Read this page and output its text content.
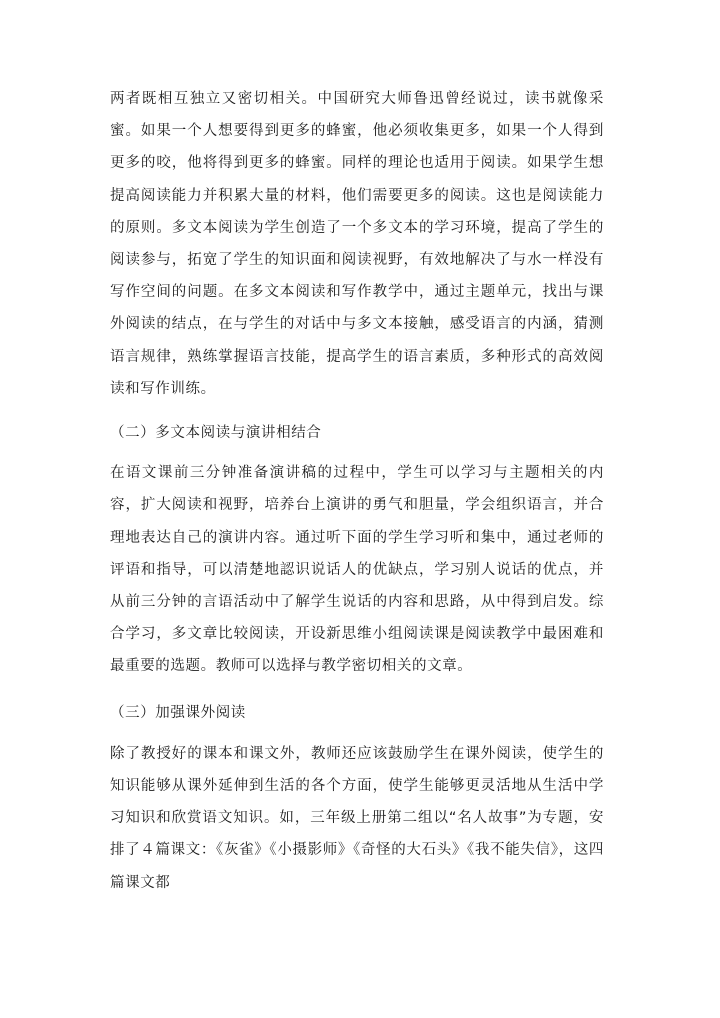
两者既相互独立又密切相关。中国研究大师鲁迅曾经说过，读书就像采蜜。如果一个人想要得到更多的蜂蜜，他必须收集更多，如果一个人得到更多的咬，他将得到更多的蜂蜜。同样的理论也适用于阅读。如果学生想提高阅读能力并积累大量的材料，他们需要更多的阅读。这也是阅读能力的原则。多文本阅读为学生创造了一个多文本的学习环境，提高了学生的阅读参与，拓宽了学生的知识面和阅读视野，有效地解决了与水一样没有写作空间的问题。在多文本阅读和写作教学中，通过主题单元，找出与课外阅读的结点，在与学生的对话中与多文本接触，感受语言的内涵，猜测语言规律，熟练掌握语言技能，提高学生的语言素质，多种形式的高效阅读和写作训练。

（二）多文本阅读与演讲相结合

在语文课前三分钟准备演讲稿的过程中，学生可以学习与主题相关的内容，扩大阅读和视野，培养台上演讲的勇气和胆量，学会组织语言，并合理地表达自己的演讲内容。通过听下面的学生学习听和集中，通过老师的评语和指导，可以清楚地認识说话人的优缺点，学习别人说话的优点，并从前三分钟的言语活动中了解学生说话的内容和思路，从中得到启发。综合学习，多文章比较阅读，开设新思维小组阅读课是阅读教学中最困难和最重要的选题。教师可以选择与教学密切相关的文章。

（三）加强课外阅读

除了教授好的课本和课文外，教师还应该鼓励学生在课外阅读，使学生的知识能够从课外延伸到生活的各个方面，使学生能够更灵活地从生活中学习知识和欣赏语文知识。如，三年级上册第二组以“名人故事”为专题，安排了４篇课文：《灰雀》《小摄影师》《奇怪的大石头》《我不能失信》，这四篇课文都
